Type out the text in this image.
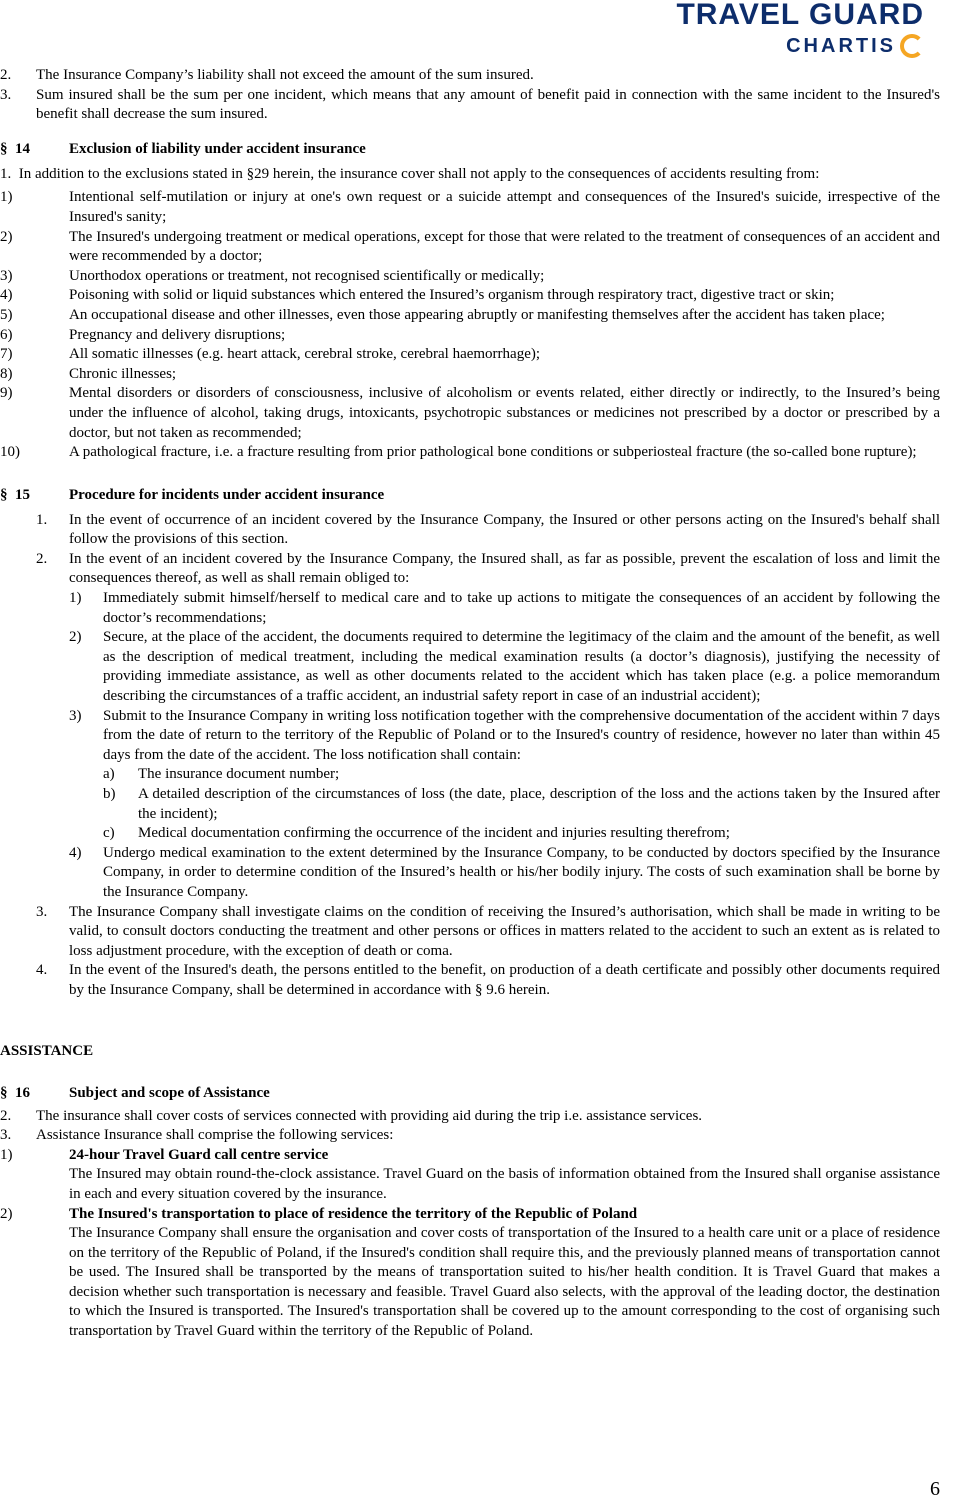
TRAVEL GUARD
CHARTIS
2. The Insurance Company’s liability shall not exceed the amount of the sum insured.
3. Sum insured shall be the sum per one incident, which means that any amount of benefit paid in connection with the same incident to the Insured's benefit shall decrease the sum insured.
§ 14	Exclusion of liability under accident insurance
1. In addition to the exclusions stated in §29 herein, the insurance cover shall not apply to the consequences of accidents resulting from:
1)	Intentional self-mutilation or injury at one's own request or a suicide attempt and consequences of the Insured's suicide, irrespective of the Insured's sanity;
2)	The Insured's undergoing treatment or medical operations, except for those that were related to the treatment of consequences of an accident and were recommended by a doctor;
3)	Unorthodox operations or treatment, not recognised scientifically or medically;
4)	Poisoning with solid or liquid substances which entered the Insured’s organism through respiratory tract, digestive tract or skin;
5)	An occupational disease and other illnesses, even those appearing abruptly or manifesting themselves after the accident has taken place;
6)	Pregnancy and delivery disruptions;
7)	All somatic illnesses (e.g. heart attack, cerebral stroke, cerebral haemorrhage);
8)	Chronic illnesses;
9)	Mental disorders or disorders of consciousness, inclusive of alcoholism or events related, either directly or indirectly, to the Insured’s being under the influence of alcohol, taking drugs, intoxicants, psychotropic substances or medicines not prescribed by a doctor or prescribed by a doctor, but not taken as recommended;
10)	A pathological fracture, i.e. a fracture resulting from prior pathological bone conditions or subperiosteal fracture (the so-called bone rupture);
§ 15	Procedure for incidents under accident insurance
1. In the event of occurrence of an incident covered by the Insurance Company, the Insured or other persons acting on the Insured's behalf shall follow the provisions of this section.
2. In the event of an incident covered by the Insurance Company, the Insured shall, as far as possible, prevent the escalation of loss and limit the consequences thereof, as well as shall remain obliged to:
1) Immediately submit himself/herself to medical care and to take up actions to mitigate the consequences of an accident by following the doctor’s recommendations;
2) Secure, at the place of the accident, the documents required to determine the legitimacy of the claim and the amount of the benefit, as well as the description of medical treatment, including the medical examination results (a doctor’s diagnosis), justifying the necessity of providing immediate assistance, as well as other documents related to the accident which has taken place (e.g. a police memorandum describing the circumstances of a traffic accident, an industrial safety report in case of an industrial accident);
3) Submit to the Insurance Company in writing loss notification together with the comprehensive documentation of the accident within 7 days from the date of return to the territory of the Republic of Poland or to the Insured's country of residence, however no later than within 45 days from the date of the accident. The loss notification shall contain:
a) The insurance document number;
b) A detailed description of the circumstances of loss (the date, place, description of the loss and the actions taken by the Insured after the incident);
c) Medical documentation confirming the occurrence of the incident and injuries resulting therefrom;
4) Undergo medical examination to the extent determined by the Insurance Company, to be conducted by doctors specified by the Insurance Company, in order to determine condition of the Insured’s health or his/her bodily injury. The costs of such examination shall be borne by the Insurance Company.
3. The Insurance Company shall investigate claims on the condition of receiving the Insured’s authorisation, which shall be made in writing to be valid, to consult doctors conducting the treatment and other persons or offices in matters related to the accident to such an extent as is related to loss adjustment procedure, with the exception of death or coma.
4. In the event of the Insured's death, the persons entitled to the benefit, on production of a death certificate and possibly other documents required by the Insurance Company, shall be determined in accordance with § 9.6 herein.
ASSISTANCE
§ 16	Subject and scope of Assistance
2. The insurance shall cover costs of services connected with providing aid during the trip i.e. assistance services.
3. Assistance Insurance shall comprise the following services:
1)	24-hour Travel Guard call centre service
The Insured may obtain round-the-clock assistance. Travel Guard on the basis of information obtained from the Insured shall organise assistance in each and every situation covered by the insurance.
2)	The Insured's transportation to place of residence the territory of the Republic of Poland
The Insurance Company shall ensure the organisation and cover costs of transportation of the Insured to a health care unit or a place of residence on the territory of the Republic of Poland, if the Insured's condition shall require this, and the previously planned means of transportation cannot be used. The Insured shall be transported by the means of transportation suited to his/her health condition. It is Travel Guard that makes a decision whether such transportation is necessary and feasible. Travel Guard also selects, with the approval of the leading doctor, the destination to which the Insured is transported. The Insured's transportation shall be covered up to the amount corresponding to the cost of organising such transportation by Travel Guard within the territory of the Republic of Poland.
6
